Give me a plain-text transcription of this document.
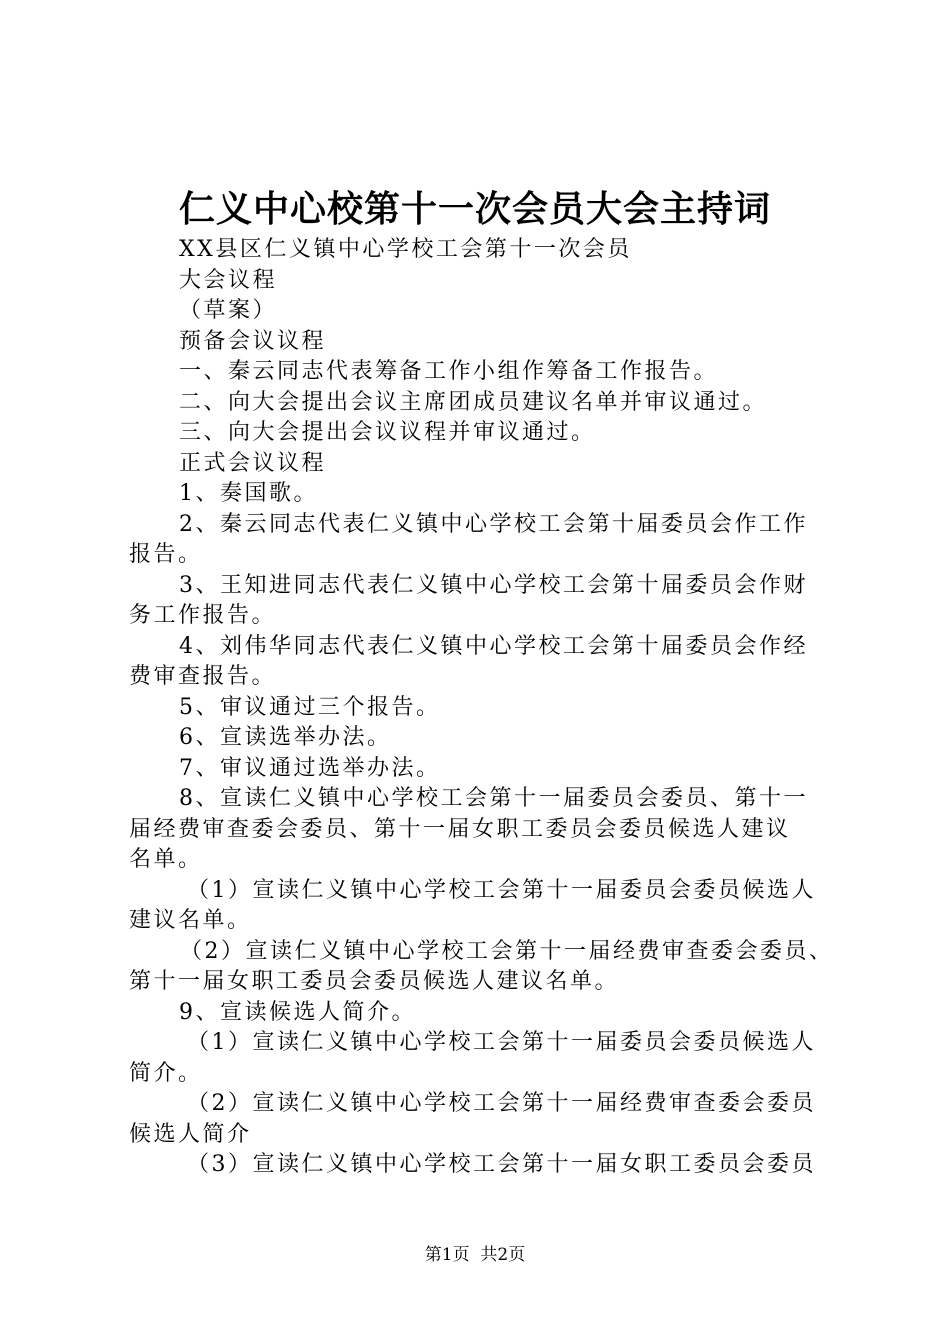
仁义中心校第十一次会员大会主持词

XX县区仁义镇中心学校工会第十一次会员

大会议程

（草案）

预备会议议程

一、秦云同志代表筹备工作小组作筹备工作报告。

二、向大会提出会议主席团成员建议名单并审议通过。

三、向大会提出会议议程并审议通过。

正式会议议程

1、奏国歌。

2、秦云同志代表仁义镇中心学校工会第十届委员会作工作

报告。

3、王知进同志代表仁义镇中心学校工会第十届委员会作财

务工作报告。

4、刘伟华同志代表仁义镇中心学校工会第十届委员会作经

费审查报告。

5、审议通过三个报告。

6、宣读选举办法。

7、审议通过选举办法。

8、宣读仁义镇中心学校工会第十一届委员会委员、第十一

届经费审查委会委员、第十一届女职工委员会委员候选人建议

名单。

（1）宣读仁义镇中心学校工会第十一届委员会委员候选人

建议名单。

（2）宣读仁义镇中心学校工会第十一届经费审查委会委员、

第十一届女职工委员会委员候选人建议名单。

9、宣读候选人简介。

（1）宣读仁义镇中心学校工会第十一届委员会委员候选人

简介。

（2）宣读仁义镇中心学校工会第十一届经费审查委会委员

候选人简介

（3）宣读仁义镇中心学校工会第十一届女职工委员会委员

第1页 共2页
